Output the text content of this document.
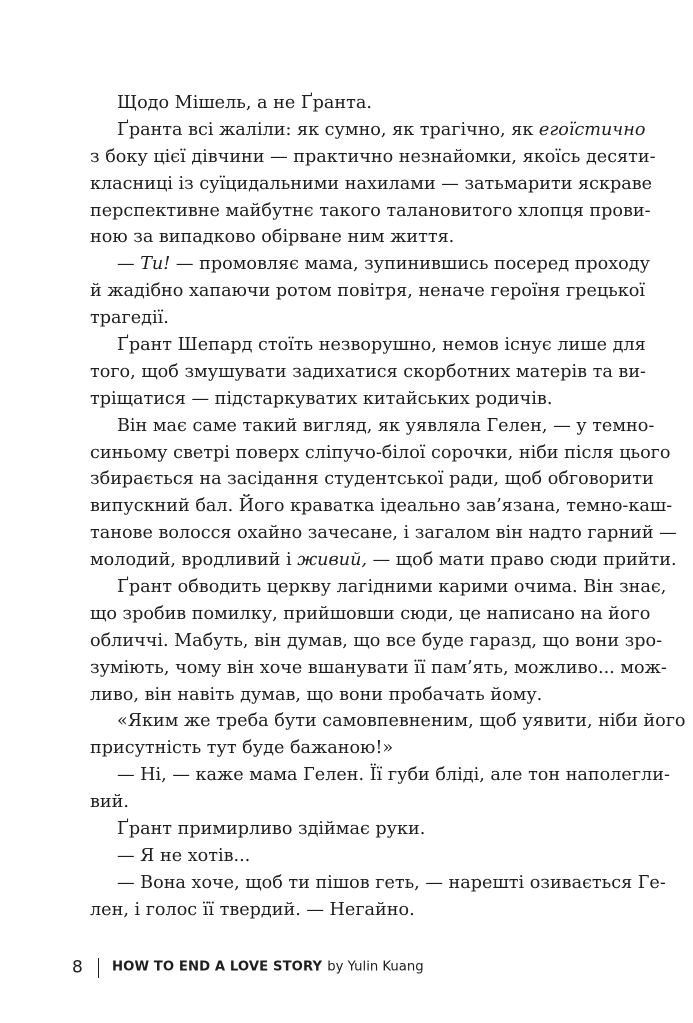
Щодо Мішель, а не Ґранта.
Ґранта всі жаліли: як сумно, як трагічно, як егоїстично
з боку цієї дівчини — практично незнайомки, якоїсь десяти-
класниці із суїцидальними нахилами — затьмарити яскраве
перспективне майбутнє такого талановитого хлопця прови-
ною за випадково обірване ним життя.
— Ти! — промовляє мама, зупинившись посеред проходу
й жадібно хапаючи ротом повітря, неначе героїня грецької
трагедії.
Ґрант Шепард стоїть незворушно, немов існує лише для
того, щоб змушувати задихатися скорботних матерів та ви-
тріщатися — підстаркуватих китайських родичів.
Він має саме такий вигляд, як уявляла Гелен, — у темно-
синьому светрі поверх сліпучо-білої сорочки, ніби після цього
збирається на засідання студентської ради, щоб обговорити
випускний бал. Його краватка ідеально зав’язана, темно-каш-
танове волосся охайно зачесане, і загалом він надто гарний —
молодий, вродливий і живий, — щоб мати право сюди прийти.
Ґрант обводить церкву лагідними карими очима. Він знає,
що зробив помилку, прийшовши сюди, це написано на його
обличчі. Мабуть, він думав, що все буде гаразд, що вони зро-
зуміють, чому він хоче вшанувати її пам’ять, можливо... мож-
ливо, він навіть думав, що вони пробачать йому.
«Яким же треба бути самовпевненим, щоб уявити, ніби його
присутність тут буде бажаною!»
— Ні, — каже мама Гелен. Її губи бліді, але тон наполегли-
вий.
Ґрант примирливо здіймає руки.
— Я не хотів...
— Вона хоче, щоб ти пішов геть, — нарешті озивається Ге-
лен, і голос її твердий. — Негайно.
8 HOW TO END A LOVE STORY by Yulin Kuang
